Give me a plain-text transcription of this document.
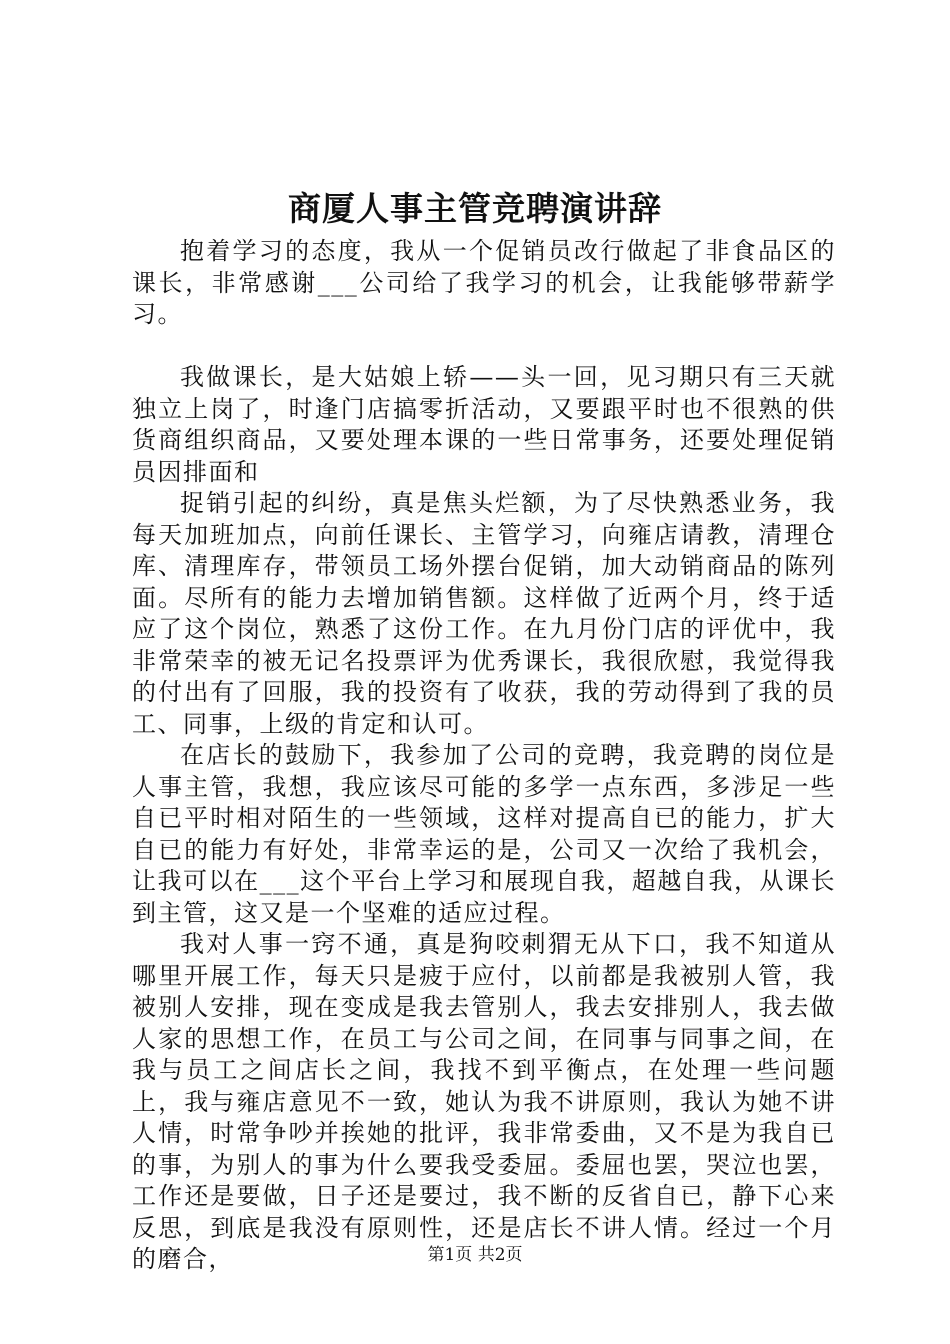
商厦人事主管竞聘演讲辞

抱着学习的态度，我从一个促销员改行做起了非食品区的课长，非常感谢___公司给了我学习的机会，让我能够带薪学习。

我做课长，是大姑娘上轿——头一回，见习期只有三天就独立上岗了，时逢门店搞零折活动，又要跟平时也不很熟的供货商组织商品，又要处理本课的一些日常事务，还要处理促销员因排面和

捉销引起的纠纷，真是焦头烂额，为了尽快熟悉业务，我每天加班加点，向前任课长、主管学习，向雍店请教，清理仓库、清理库存，带领员工场外摆台促销，加大动销商品的陈列面。尽所有的能力去增加销售额。这样做了近两个月，终于适应了这个岗位，熟悉了这份工作。在九月份门店的评优中，我非常荣幸的被无记名投票评为优秀课长，我很欣慰，我觉得我的付出有了回服，我的投资有了收获，我的劳动得到了我的员工、同事，上级的肯定和认可。

在店长的鼓励下，我参加了公司的竞聘，我竞聘的岗位是人事主管，我想，我应该尽可能的多学一点东西，多涉足一些自已平时相对陌生的一些领域，这样对提高自已的能力，扩大自已的能力有好处，非常幸运的是，公司又一次给了我机会，让我可以在___这个平台上学习和展现自我，超越自我，从课长到主管，这又是一个坚难的适应过程。

我对人事一窍不通，真是狗咬刺猬无从下口，我不知道从哪里开展工作，每天只是疲于应付，以前都是我被别人管，我被别人安排，现在变成是我去管别人，我去安排别人，我去做人家的思想工作，在员工与公司之间，在同事与同事之间，在我与员工之间店长之间，我找不到平衡点，在处理一些问题上，我与雍店意见不一致，她认为我不讲原则，我认为她不讲人情，时常争吵并挨她的批评，我非常委曲，又不是为我自已的事，为别人的事为什么要我受委屈。委屈也罢，哭泣也罢，工作还是要做，日子还是要过，我不断的反省自已，静下心来反思，到底是我没有原则性，还是店长不讲人情。经过一个月的磨合，	第1页 共2页
